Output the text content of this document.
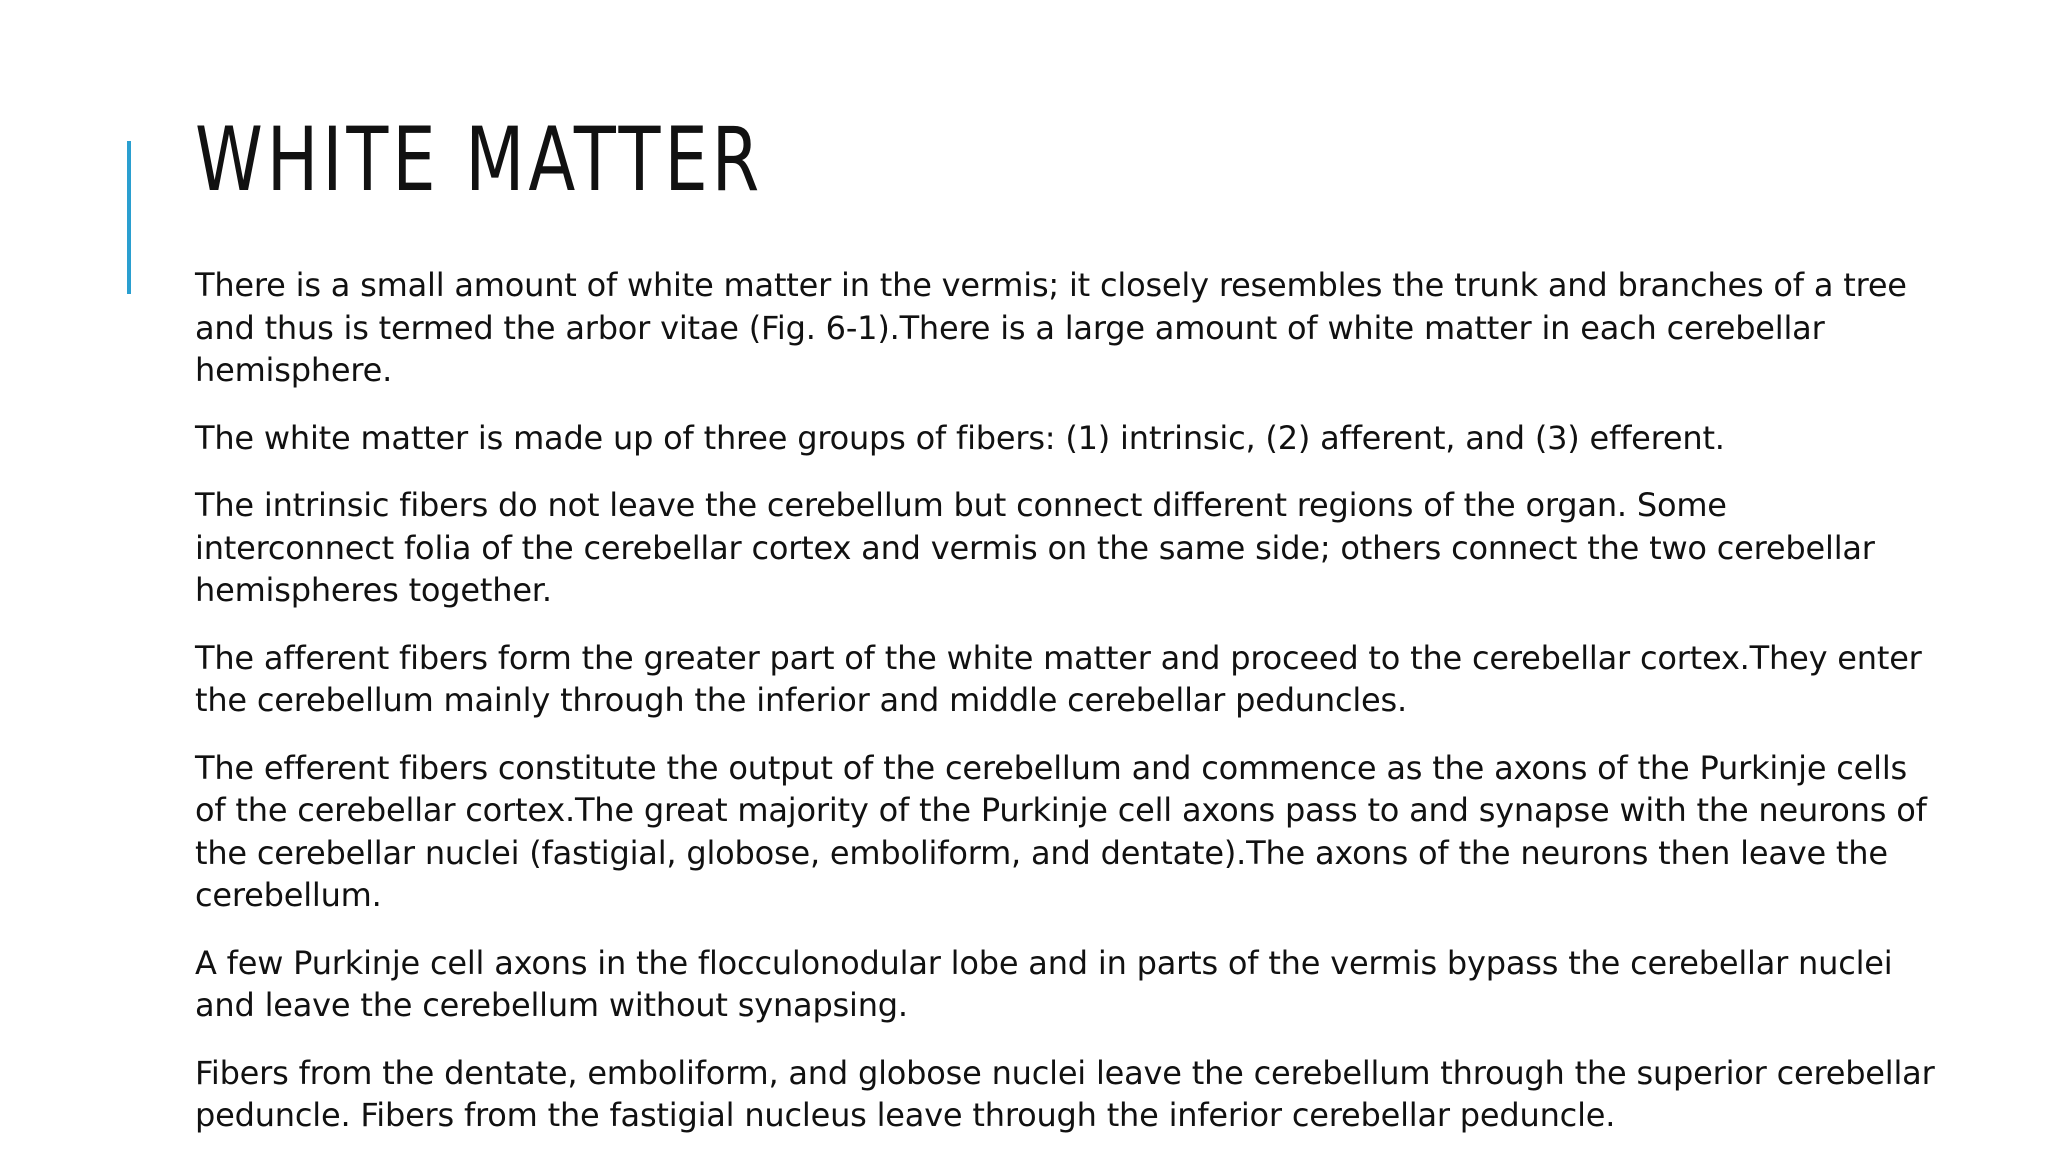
WHITE MATTER

There is a small amount of white matter in the vermis; it closely resembles the trunk and branches of a tree and thus is termed the arbor vitae (Fig. 6-1).There is a large amount of white matter in each cerebellar hemisphere.

The white matter is made up of three groups of fibers: (1) intrinsic, (2) afferent, and (3) efferent.

The intrinsic fibers do not leave the cerebellum but connect different regions of the organ. Some interconnect folia of the cerebellar cortex and vermis on the same side; others connect the two cerebellar hemispheres together.

The afferent fibers form the greater part of the white matter and proceed to the cerebellar cortex.They enter the cerebellum mainly through the inferior and middle cerebellar peduncles.

The efferent fibers constitute the output of the cerebellum and commence as the axons of the Purkinje cells of the cerebellar cortex.The great majority of the Purkinje cell axons pass to and synapse with the neurons of the cerebellar nuclei (fastigial, globose, emboliform, and dentate).The axons of the neurons then leave the cerebellum.

A few Purkinje cell axons in the flocculonodular lobe and in parts of the vermis bypass the cerebellar nuclei and leave the cerebellum without synapsing.

Fibers from the dentate, emboliform, and globose nuclei leave the cerebellum through the superior cerebellar peduncle. Fibers from the fastigial nucleus leave through the inferior cerebellar peduncle.
